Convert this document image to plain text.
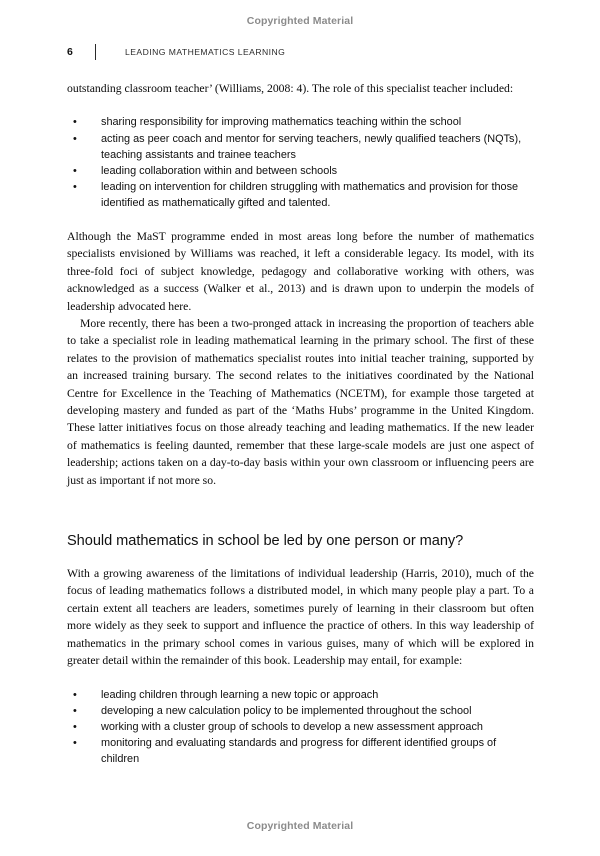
Copyrighted Material
6	LEADING MATHEMATICS LEARNING

outstanding classroom teacher’ (Williams, 2008: 4). The role of this specialist teacher included:

• sharing responsibility for improving mathematics teaching within the school
• acting as peer coach and mentor for serving teachers, newly qualified teachers (NQTs), teaching assistants and trainee teachers
• leading collaboration within and between schools
• leading on intervention for children struggling with mathematics and provision for those identified as mathematically gifted and talented.

Although the MaST programme ended in most areas long before the number of mathematics specialists envisioned by Williams was reached, it left a considerable legacy. Its model, with its three-fold foci of subject knowledge, pedagogy and collaborative working with others, was acknowledged as a success (Walker et al., 2013) and is drawn upon to underpin the models of leadership advocated here.

More recently, there has been a two-pronged attack in increasing the proportion of teachers able to take a specialist role in leading mathematical learning in the primary school. The first of these relates to the provision of mathematics specialist routes into initial teacher training, supported by an increased training bursary. The second relates to the initiatives coordinated by the National Centre for Excellence in the Teaching of Mathematics (NCETM), for example those targeted at developing mastery and funded as part of the ‘Maths Hubs’ programme in the United Kingdom. These latter initiatives focus on those already teaching and leading mathematics. If the new leader of mathematics is feeling daunted, remember that these large-scale models are just one aspect of leadership; actions taken on a day-to-day basis within your own classroom or influencing peers are just as important if not more so.

Should mathematics in school be led by one person or many?

With a growing awareness of the limitations of individual leadership (Harris, 2010), much of the focus of leading mathematics follows a distributed model, in which many people play a part. To a certain extent all teachers are leaders, sometimes purely of learning in their classroom but often more widely as they seek to support and influence the practice of others. In this way leadership of mathematics in the primary school comes in various guises, many of which will be explored in greater detail within the remainder of this book. Leadership may entail, for example:

• leading children through learning a new topic or approach
• developing a new calculation policy to be implemented throughout the school
• working with a cluster group of schools to develop a new assessment approach
• monitoring and evaluating standards and progress for different identified groups of children
Copyrighted Material
